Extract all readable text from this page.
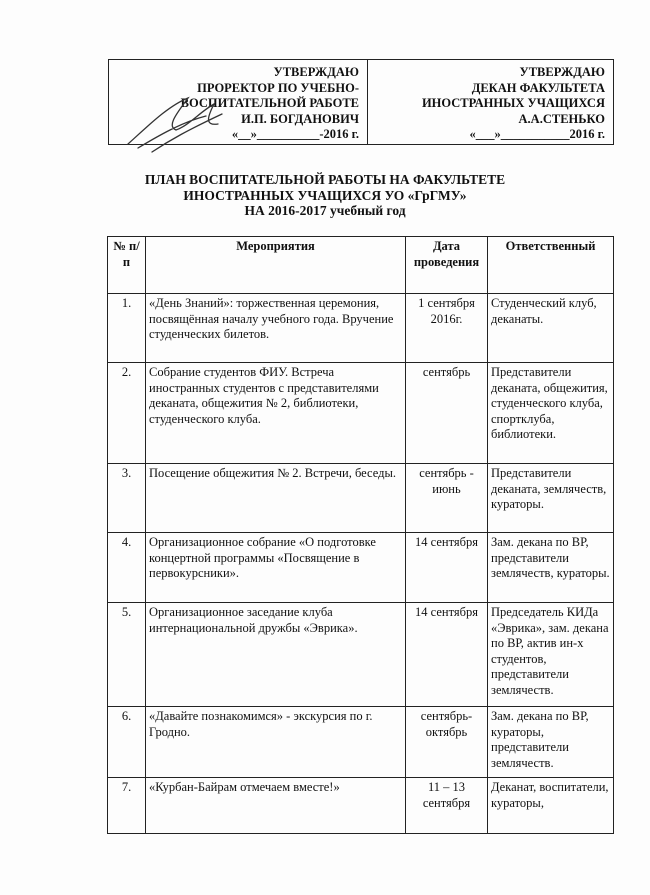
УТВЕРЖДАЮ
ПРОРЕКТОР ПО УЧЕБНО-
ВОСПИТАТЕЛЬНОЙ РАБОТЕ
И.П. БОГДАНОВИЧ
«__»__________-2016 г.
УТВЕРЖДАЮ
ДЕКАН ФАКУЛЬТЕТА
ИНОСТРАННЫХ УЧАЩИХСЯ
А.А.СТЕНЬКО
«___»___________2016 г.
ПЛАН ВОСПИТАТЕЛЬНОЙ РАБОТЫ НА ФАКУЛЬТЕТЕ
ИНОСТРАННЫХ УЧАЩИХСЯ УО «ГрГМУ»
НА 2016-2017 учебный год
№ п/п	Мероприятия	Дата проведения	Ответственный
1.	«День Знаний»: торжественная церемония, посвящённая началу учебного года. Вручение студенческих билетов.	1 сентября 2016г.	Студенческий клуб, деканаты.
2.	Собрание студентов ФИУ. Встреча иностранных студентов с представителями деканата, общежития № 2, библиотеки, студенческого клуба.	сентябрь	Представители деканата, общежития, студенческого клуба, спортклуба, библиотеки.
3.	Посещение общежития № 2. Встречи, беседы.	сентябрь - июнь	Представители деканата, землячеств, кураторы.
4.	Организационное собрание «О подготовке концертной программы «Посвящение в первокурсники».	14 сентября	Зам. декана по ВР, представители землячеств, кураторы.
5.	Организационное заседание клуба интернациональной дружбы «Эврика».	14 сентября	Председатель КИДа «Эврика», зам. декана по ВР, актив ин-х студентов, представители землячеств.
6.	«Давайте познакомимся» - экскурсия по г. Гродно.	сентябрь-октябрь	Зам. декана по ВР, кураторы, представители землячеств.
7.	«Курбан-Байрам отмечаем вместе!»	11 – 13 сентября	Деканат, воспитатели, кураторы,
